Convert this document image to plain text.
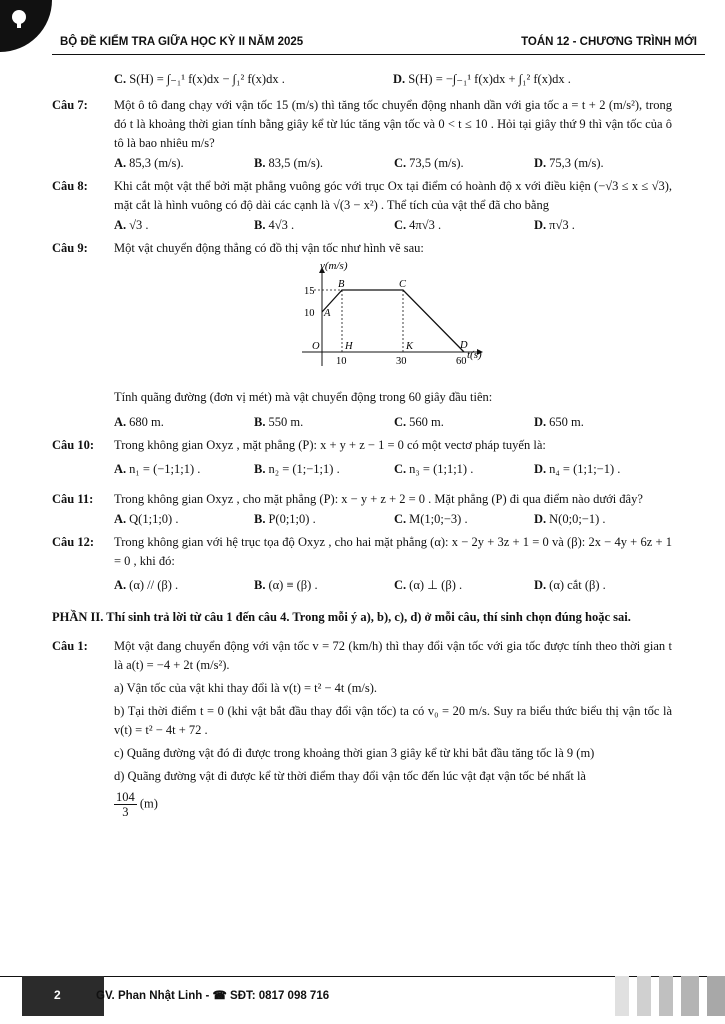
BỘ ĐỀ KIỂM TRA GIỮA HỌC KỲ II NĂM 2025	TOÁN 12 - CHƯƠNG TRÌNH MỚI
C. S(H) = ∫₋₁¹ f(x)dx − ∫₁² f(x)dx .	D. S(H) = −∫₋₁¹ f(x)dx + ∫₁² f(x)dx .
Câu 7:	Một ô tô đang chạy với vận tốc 15 (m/s) thì tăng tốc chuyển động nhanh dần với gia tốc a = t + 2 (m/s²), trong đó t là khoảng thời gian tính bằng giây kể từ lúc tăng vận tốc và 0 < t ≤ 10 . Hỏi tại giây thứ 9 thì vận tốc của ô tô là bao nhiêu m/s?
A. 85,3 (m/s).	B. 83,5 (m/s).	C. 73,5 (m/s).	D. 75,3 (m/s).
Câu 8:	Khi cắt một vật thể bởi mặt phẳng vuông góc với trục Ox tại điểm có hoành độ x với điều kiện (−√3 ≤ x ≤ √3), mặt cắt là hình vuông có độ dài các cạnh là √(3 − x²) . Thể tích của vật thể đã cho bằng
A. √3 .	B. 4√3 .	C. 4π√3 .	D. π√3 .
Câu 9:	Một vật chuyển động thẳng có đồ thị vận tốc như hình vẽ sau:
v(m/s)
t(s)
15
10
10	30	60
A
B	C
D
O H	K
Tính quãng đường (đơn vị mét) mà vật chuyển động trong 60 giây đầu tiên:
A. 680 m.	B. 550 m.	C. 560 m.	D. 650 m.
Câu 10:	Trong không gian Oxyz , mặt phẳng (P): x + y + z − 1 = 0 có một vectơ pháp tuyến là:
A. n₁ = (−1;1;1) .	B. n₂ = (1;−1;1) .	C. n₃ = (1;1;1) .	D. n₄ = (1;1;−1) .
Câu 11:	Trong không gian Oxyz , cho mặt phẳng (P): x − y + z + 2 = 0 . Mặt phẳng (P) đi qua điểm nào dưới đây?
A. Q(1;1;0) .	B. P(0;1;0) .	C. M(1;0;−3) .	D. N(0;0;−1) .
Câu 12:	Trong không gian với hệ trục tọa độ Oxyz , cho hai mặt phẳng (α): x − 2y + 3z + 1 = 0 và (β): 2x − 4y + 6z + 1 = 0 , khi đó:
A. (α) // (β) .	B. (α) ≡ (β) .	C. (α) ⊥ (β) .	D. (α) cắt (β) .
PHẦN II. Thí sinh trả lời từ câu 1 đến câu 4. Trong mỗi ý a), b), c), d) ở mỗi câu, thí sinh chọn đúng hoặc sai.
Câu 1:	Một vật đang chuyển động với vận tốc v = 72 (km/h) thì thay đổi vận tốc với gia tốc được tính theo thời gian t là a(t) = −4 + 2t (m/s²).
a) Vận tốc của vật khi thay đổi là v(t) = t² − 4t (m/s).
b) Tại thời điểm t = 0 (khi vật bắt đầu thay đổi vận tốc) ta có v₀ = 20 m/s. Suy ra biểu thức biểu thị vận tốc là v(t) = t² − 4t + 72 .
c) Quãng đường vật đó đi được trong khoảng thời gian 3 giây kể từ khi bắt đầu tăng tốc là 9 (m)
d) Quãng đường vật đi được kể từ thời điểm thay đổi vận tốc đến lúc vật đạt vận tốc bé nhất là
$\frac{104}{3} (m)$
2	GV. Phan Nhật Linh - ☎ SĐT: 0817 098 716
